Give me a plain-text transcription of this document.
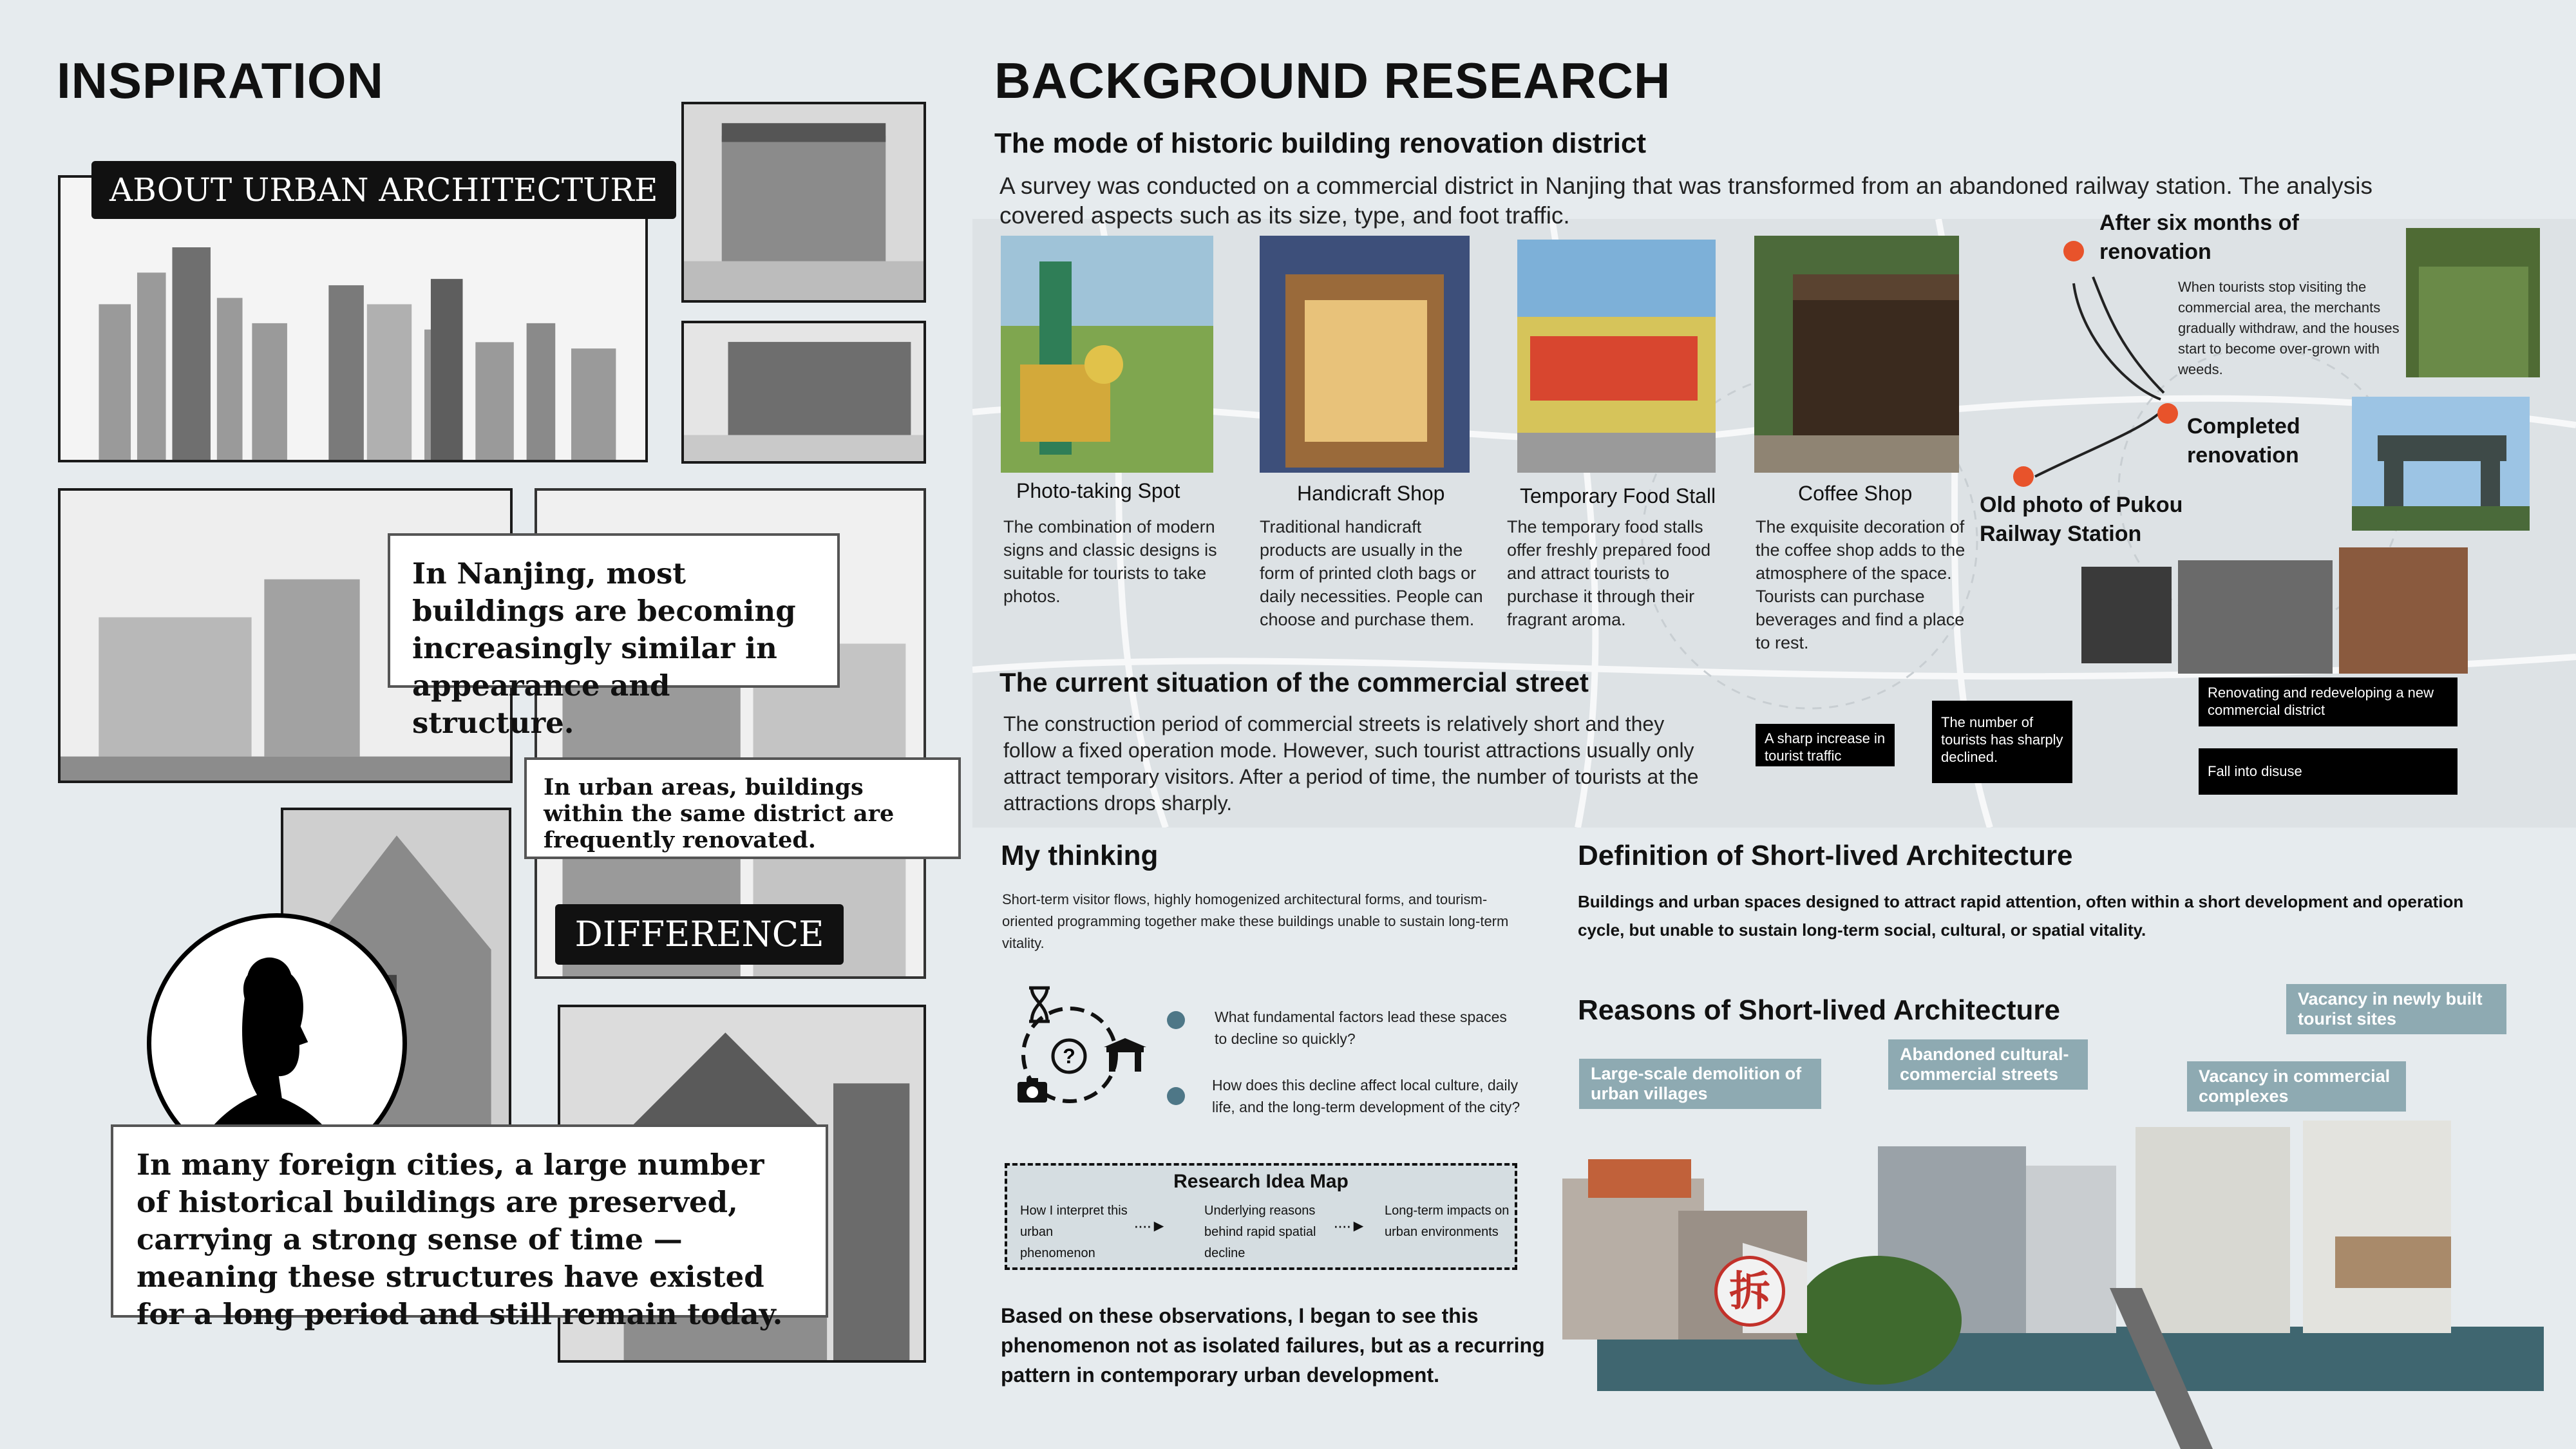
INSPIRATION
ABOUT URBAN ARCHITECTURE
In Nanjing, most buildings are becoming increasingly similar in appearance and structure.
In urban areas, buildings within the same district are frequently renovated.
DIFFERENCE
In many foreign cities, a large number of historical buildings are preserved, carrying a strong sense of time — meaning these structures have existed for a long period and still remain today.
BACKGROUND RESEARCH
The mode of historic building renovation district
A survey was conducted on a commercial district in Nanjing that was transformed from an abandoned railway station. The analysis covered aspects such as its size, type, and foot traffic.
Photo-taking Spot	Handicraft Shop	Temporary Food Stall	Coffee Shop
The combination of modern signs and classic designs is suitable for tourists to take photos.
Traditional handicraft products are usually in the form of printed cloth bags or daily necessities. People can choose and purchase them.
The temporary food stalls offer freshly prepared food and attract tourists to purchase it through their fragrant aroma.
The exquisite decoration of the coffee shop adds to the atmosphere of the space. Tourists can purchase beverages and find a place to rest.
After six months of renovation
When tourists stop visiting the commercial area, the merchants gradually withdraw, and the houses start to become over-grown with weeds.
Completed renovation
Old photo of Pukou Railway Station
Renovating and redeveloping a new commercial district
Fall into disuse
The current situation of the commercial street
The construction period of commercial streets is relatively short and they follow a fixed operation mode. However, such tourist attractions usually only attract temporary visitors. After a period of time, the number of tourists at the attractions drops sharply.
A sharp increase in tourist traffic
The number of tourists has sharply declined.
My thinking
Short-term visitor flows, highly homogenized architectural forms, and tourism-oriented programming together make these buildings unable to sustain long-term vitality.
?
What fundamental factors lead these spaces to decline so quickly?
How does this decline affect local culture, daily life, and the long-term development of the city?
Research Idea Map
How I interpret this urban phenomenon
····►
Underlying reasons behind rapid spatial decline
····►
Long-term impacts on urban environments
Based on these observations, I began to see this phenomenon not as isolated failures, but as a recurring pattern in contemporary urban development.
Definition of Short-lived Architecture
Buildings and urban spaces designed to attract rapid attention, often within a short development and operation cycle, but unable to sustain long-term social, cultural, or spatial vitality.
Reasons of Short-lived Architecture
拆
Large-scale demolition of urban villages
Abandoned cultural-commercial streets	Vacancy in commercial complexes
Vacancy in newly built tourist sites
